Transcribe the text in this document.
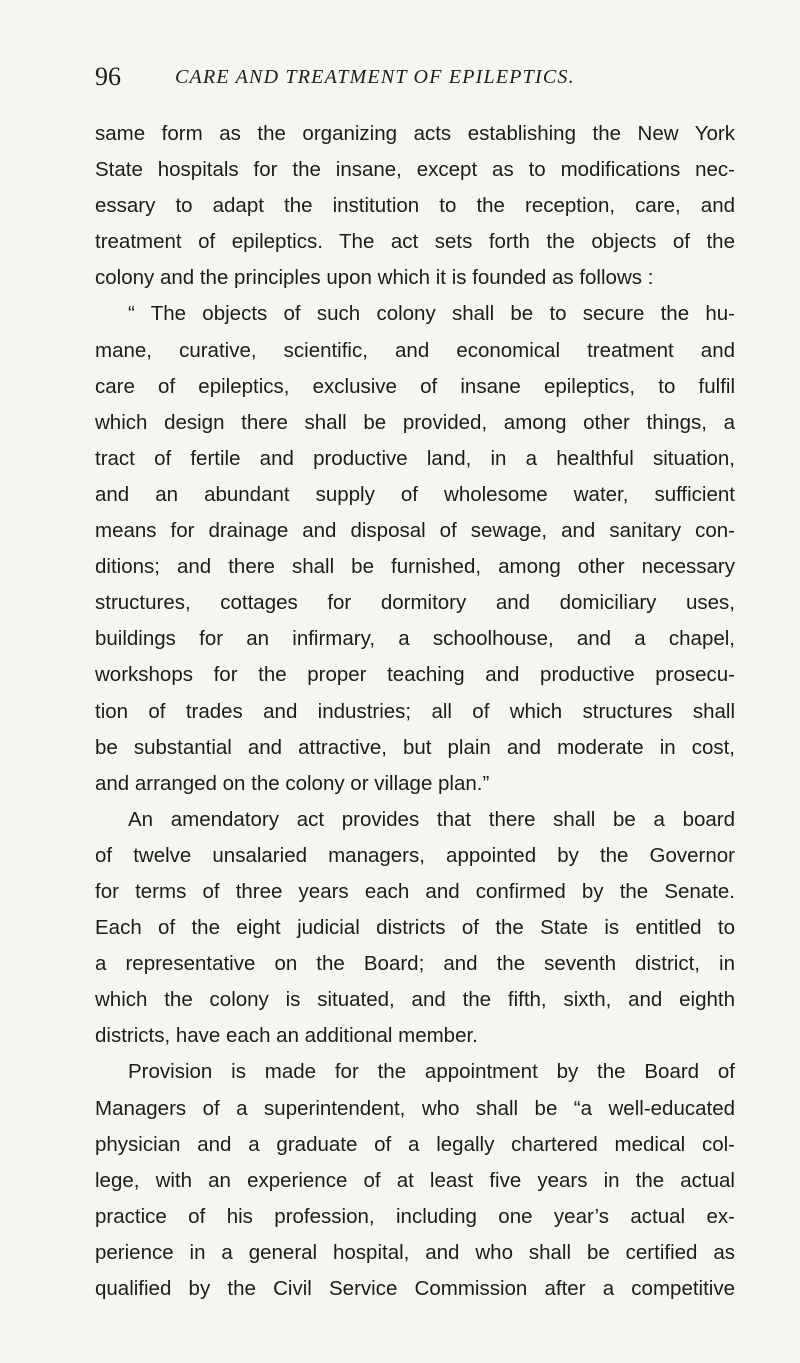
96	CARE AND TREATMENT OF EPILEPTICS.
same form as the organizing acts establishing the New York
State hospitals for the insane, except as to modifications nec-
essary to adapt the institution to the reception, care, and
treatment of epileptics. The act sets forth the objects of the
colony and the principles upon which it is founded as follows :
“ The objects of such colony shall be to secure the hu-
mane, curative, scientific, and economical treatment and
care of epileptics, exclusive of insane epileptics, to fulfil
which design there shall be provided, among other things, a
tract of fertile and productive land, in a healthful situation,
and an abundant supply of wholesome water, sufficient
means for drainage and disposal of sewage, and sanitary con-
ditions; and there shall be furnished, among other necessary
structures, cottages for dormitory and domiciliary uses,
buildings for an infirmary, a schoolhouse, and a chapel,
workshops for the proper teaching and productive prosecu-
tion of trades and industries; all of which structures shall
be substantial and attractive, but plain and moderate in cost,
and arranged on the colony or village plan.”
An amendatory act provides that there shall be a board
of twelve unsalaried managers, appointed by the Governor
for terms of three years each and confirmed by the Senate.
Each of the eight judicial districts of the State is entitled to
a representative on the Board; and the seventh district, in
which the colony is situated, and the fifth, sixth, and eighth
districts, have each an additional member.
Provision is made for the appointment by the Board of
Managers of a superintendent, who shall be “a well-educated
physician and a graduate of a legally chartered medical col-
lege, with an experience of at least five years in the actual
practice of his profession, including one year’s actual ex-
perience in a general hospital, and who shall be certified as
qualified by the Civil Service Commission after a competitive
